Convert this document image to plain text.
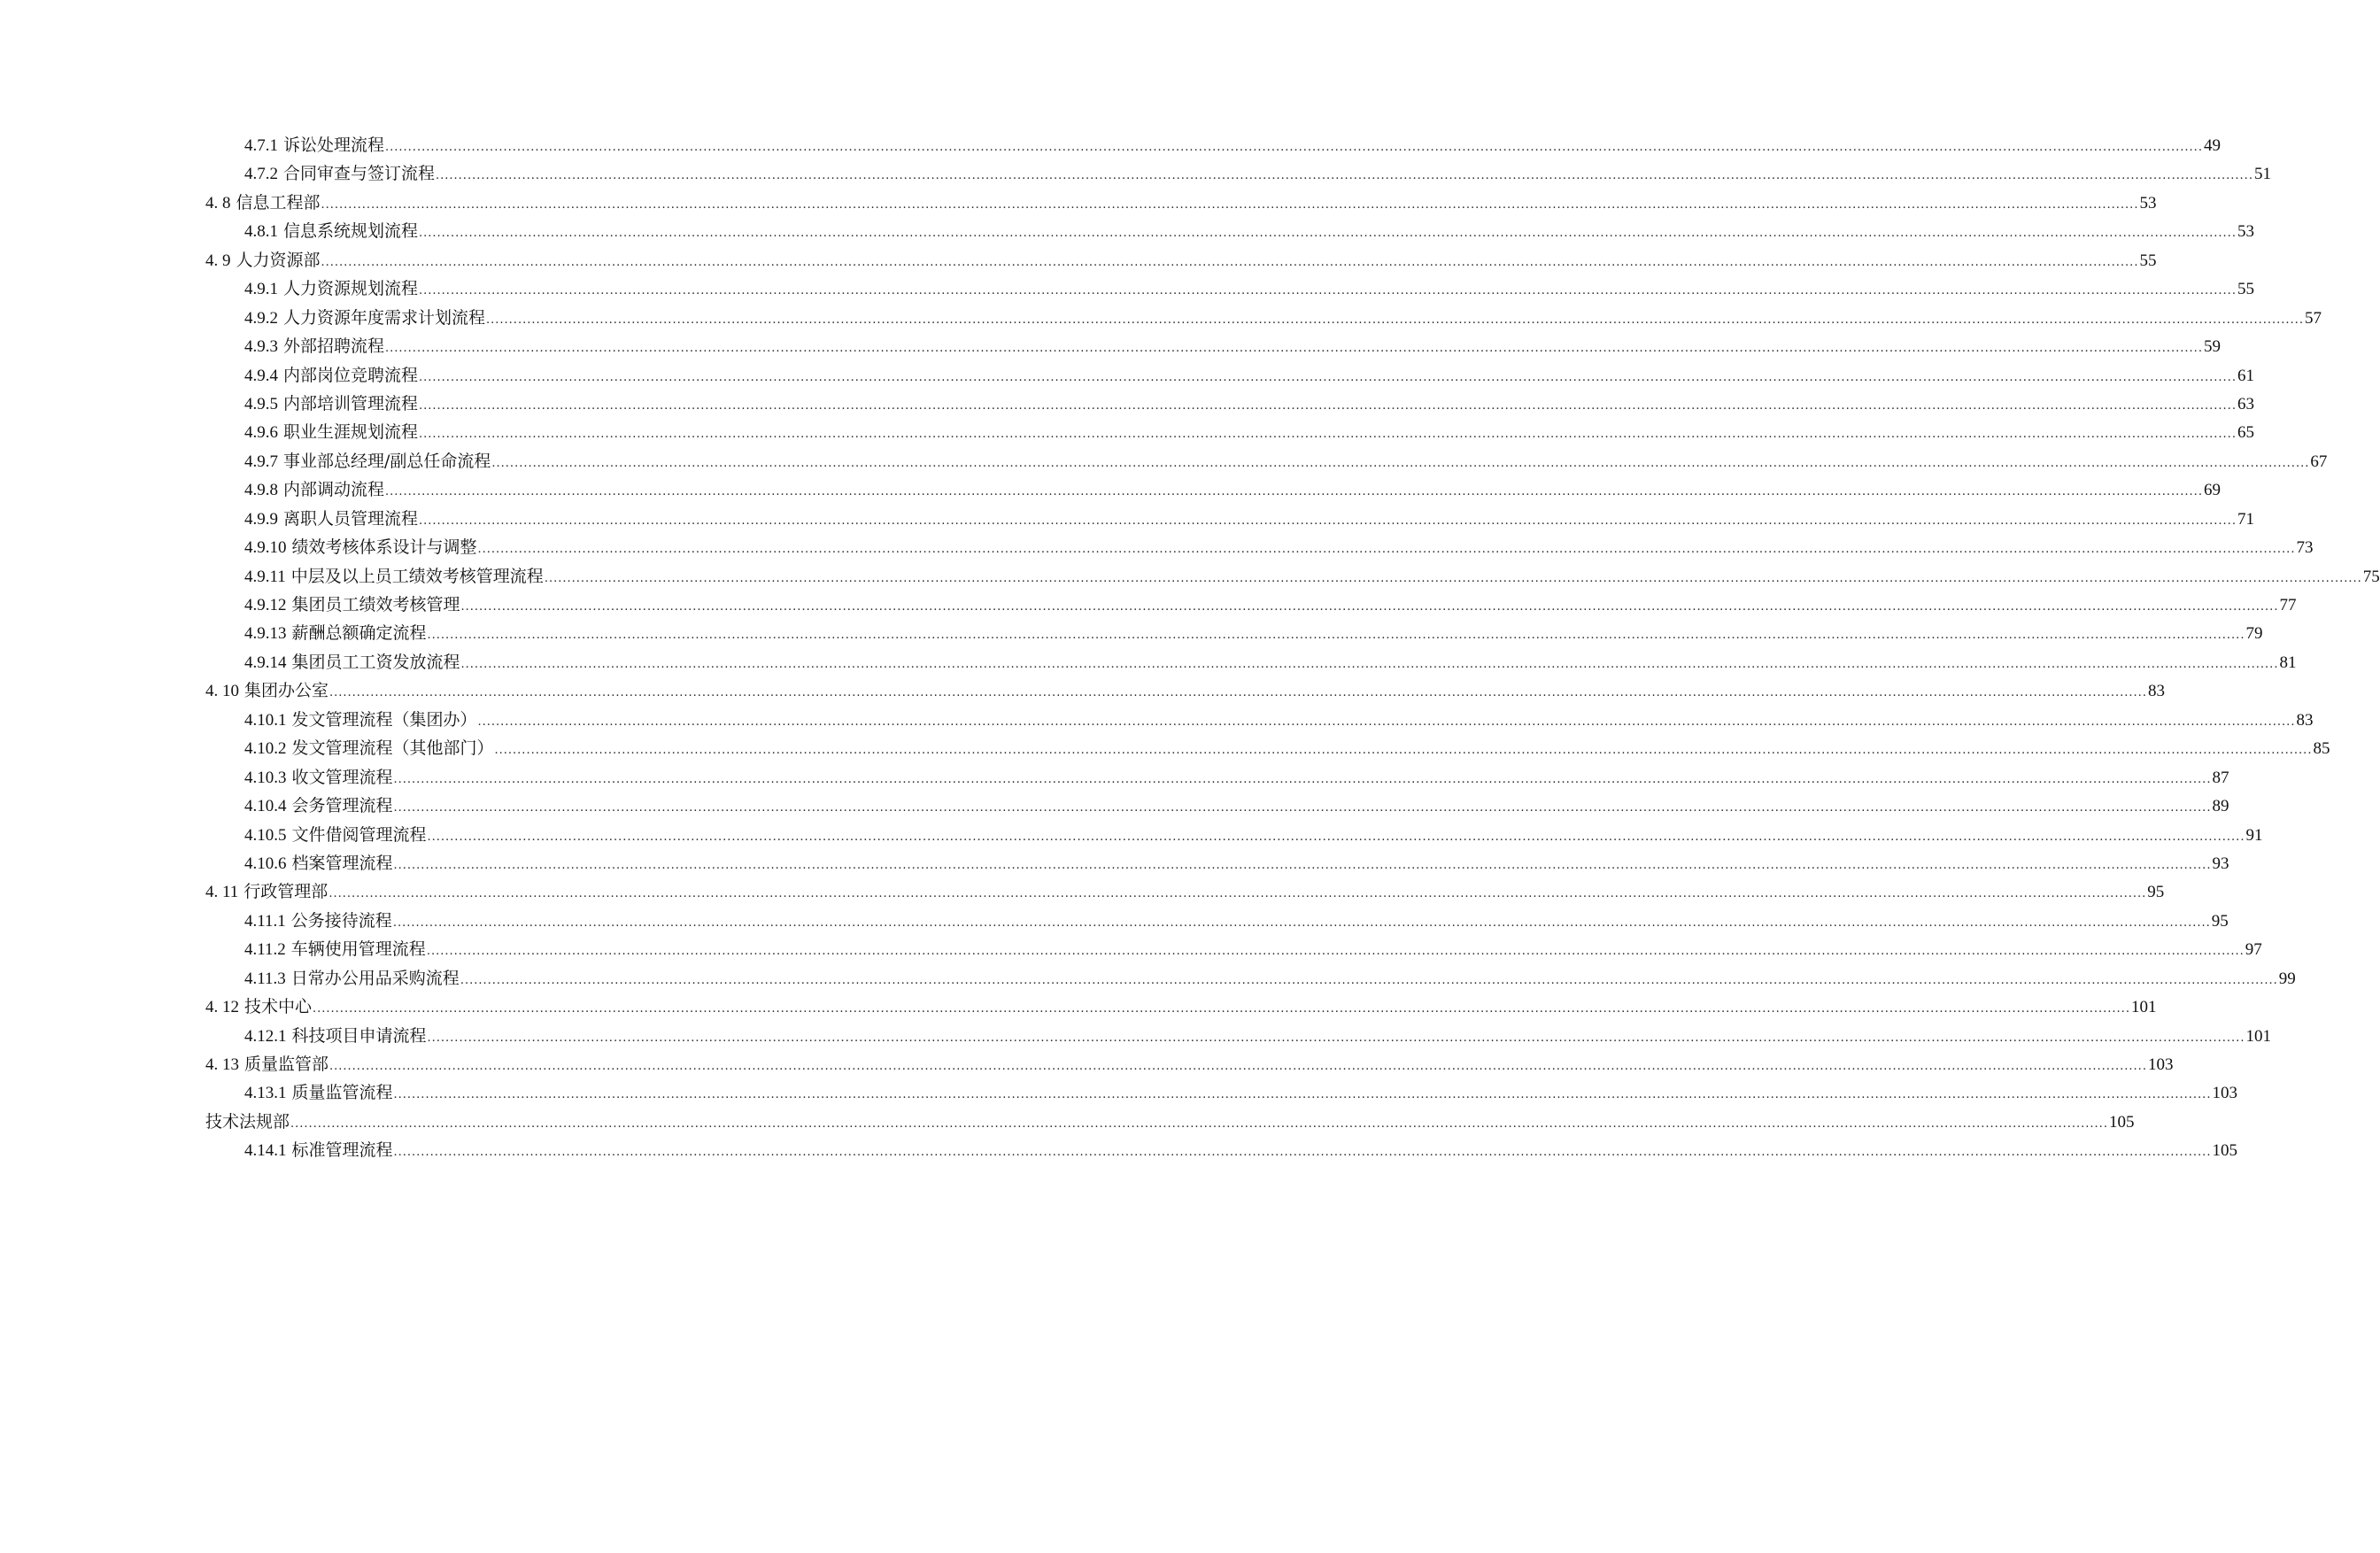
4.7.1 诉讼处理流程 ................................................................................................................................................................................................................................................................................................................................................................................................................ 49
4.7.2 合同审查与签订流程 ................................................................................................................................................................................................................................................................................................................................................................................................................ 51
4. 8 信息工程部 ................................................................................................................................................................................................................................................................................................................................................................................................................ 53
4.8.1 信息系统规划流程 ................................................................................................................................................................................................................................................................................................................................................................................................................ 53
4. 9 人力资源部 ................................................................................................................................................................................................................................................................................................................................................................................................................ 55
4.9.1 人力资源规划流程 ................................................................................................................................................................................................................................................................................................................................................................................................................ 55
4.9.2 人力资源年度需求计划流程 ................................................................................................................................................................................................................................................................................................................................................................................................................ 57
4.9.3 外部招聘流程 ................................................................................................................................................................................................................................................................................................................................................................................................................ 59
4.9.4 内部岗位竞聘流程 ................................................................................................................................................................................................................................................................................................................................................................................................................ 61
4.9.5 内部培训管理流程 ................................................................................................................................................................................................................................................................................................................................................................................................................ 63
4.9.6 职业生涯规划流程 ................................................................................................................................................................................................................................................................................................................................................................................................................ 65
4.9.7 事业部总经理/副总任命流程 ................................................................................................................................................................................................................................................................................................................................................................................................................ 67
4.9.8 内部调动流程 ................................................................................................................................................................................................................................................................................................................................................................................................................ 69
4.9.9 离职人员管理流程 ................................................................................................................................................................................................................................................................................................................................................................................................................ 71
4.9.10 绩效考核体系设计与调整 ................................................................................................................................................................................................................................................................................................................................................................................................................ 73
4.9.11 中层及以上员工绩效考核管理流程 ................................................................................................................................................................................................................................................................................................................................................................................................................ 75
4.9.12 集团员工绩效考核管理 ................................................................................................................................................................................................................................................................................................................................................................................................................ 77
4.9.13 薪酬总额确定流程 ................................................................................................................................................................................................................................................................................................................................................................................................................ 79
4.9.14 集团员工工资发放流程 ................................................................................................................................................................................................................................................................................................................................................................................................................ 81
4. 10 集团办公室 ................................................................................................................................................................................................................................................................................................................................................................................................................ 83
4.10.1 发文管理流程（集团办） ................................................................................................................................................................................................................................................................................................................................................................................................................ 83
4.10.2 发文管理流程（其他部门） ................................................................................................................................................................................................................................................................................................................................................................................................................ 85
4.10.3 收文管理流程 ................................................................................................................................................................................................................................................................................................................................................................................................................ 87
4.10.4 会务管理流程 ................................................................................................................................................................................................................................................................................................................................................................................................................ 89
4.10.5 文件借阅管理流程 ................................................................................................................................................................................................................................................................................................................................................................................................................ 91
4.10.6 档案管理流程 ................................................................................................................................................................................................................................................................................................................................................................................................................ 93
4. 11 行政管理部 ................................................................................................................................................................................................................................................................................................................................................................................................................ 95
4.11.1 公务接待流程 ................................................................................................................................................................................................................................................................................................................................................................................................................ 95
4.11.2 车辆使用管理流程 ................................................................................................................................................................................................................................................................................................................................................................................................................ 97
4.11.3 日常办公用品采购流程 ................................................................................................................................................................................................................................................................................................................................................................................................................ 99
4. 12 技术中心 ................................................................................................................................................................................................................................................................................................................................................................................................................ 101
4.12.1 科技项目申请流程 ................................................................................................................................................................................................................................................................................................................................................................................................................ 101
4. 13 质量监管部 ................................................................................................................................................................................................................................................................................................................................................................................................................ 103
4.13.1 质量监管流程 ................................................................................................................................................................................................................................................................................................................................................................................................................ 103
技术法规部 ................................................................................................................................................................................................................................................................................................................................................................................................................ 105
4.14.1 标准管理流程 ................................................................................................................................................................................................................................................................................................................................................................................................................ 105
